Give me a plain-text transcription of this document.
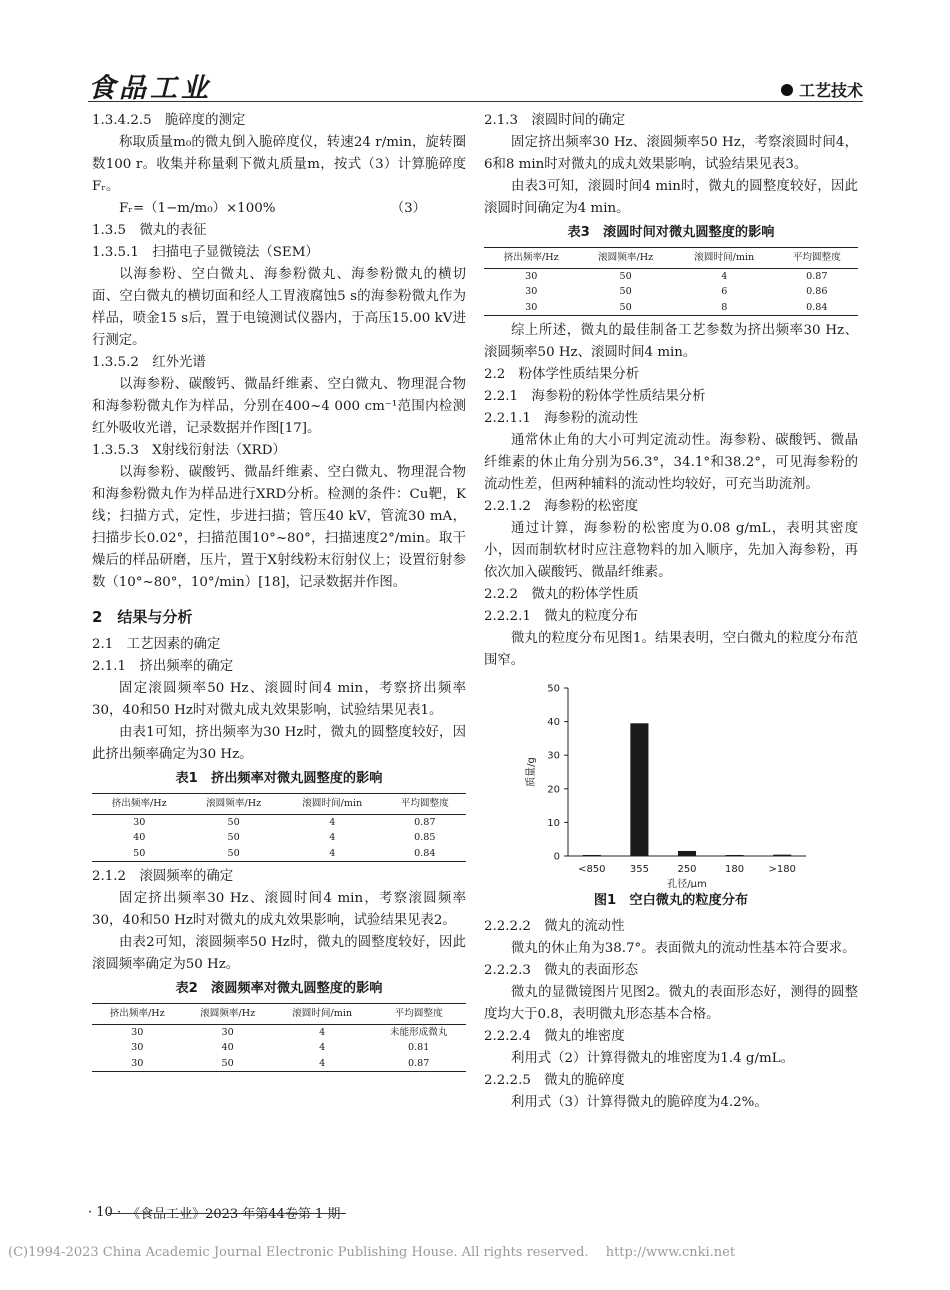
食品工业	工艺技术

1.3.4.2.5　脆碎度的测定

称取质量m₀的微丸倒入脆碎度仪，转速24 r/min，旋转圈数100 r。收集并称量剩下微丸质量m，按式（3）计算脆碎度Fᵣ。

Fᵣ=（1−m/m₀）×100%	（3）

1.3.5　微丸的表征

1.3.5.1　扫描电子显微镜法（SEM）

以海参粉、空白微丸、海参粉微丸、海参粉微丸的横切面、空白微丸的横切面和经人工胃液腐蚀5 s的海参粉微丸作为样品，喷金15 s后，置于电镜测试仪器内，于高压15.00 kV进行测定。

1.3.5.2　红外光谱

以海参粉、碳酸钙、微晶纤维素、空白微丸、物理混合物和海参粉微丸作为样品，分别在400~4 000 cm⁻¹范围内检测红外吸收光谱，记录数据并作图[17]。

1.3.5.3　X射线衍射法（XRD）

以海参粉、碳酸钙、微晶纤维素、空白微丸、物理混合物和海参粉微丸作为样品进行XRD分析。检测的条件：Cu靶，K线；扫描方式，定性，步进扫描；管压40 kV，管流30 mA，扫描步长0.02°，扫描范围10°~80°，扫描速度2°/min。取干燥后的样品研磨，压片，置于X射线粉末衍射仪上；设置衍射参数（10°~80°，10°/min）[18]，记录数据并作图。

2　结果与分析

2.1　工艺因素的确定

2.1.1　挤出频率的确定

固定滚圆频率50 Hz、滚圆时间4 min，考察挤出频率30，40和50 Hz时对微丸成丸效果影响，试验结果见表1。

由表1可知，挤出频率为30 Hz时，微丸的圆整度较好，因此挤出频率确定为30 Hz。

表1　挤出频率对微丸圆整度的影响

挤出频率/Hz	滚圆频率/Hz	滚圆时间/min	平均圆整度
30	50	4	0.87
40	50	4	0.85
50	50	4	0.84

2.1.2　滚圆频率的确定

固定挤出频率30 Hz、滚圆时间4 min，考察滚圆频率30，40和50 Hz时对微丸的成丸效果影响，试验结果见表2。

由表2可知，滚圆频率50 Hz时，微丸的圆整度较好，因此滚圆频率确定为50 Hz。

表2　滚圆频率对微丸圆整度的影响

挤出频率/Hz	滚圆频率/Hz	滚圆时间/min	平均圆整度
30	30	4	未能形成微丸
30	40	4	0.81
30	50	4	0.87

2.1.3　滚圆时间的确定

固定挤出频率30 Hz、滚圆频率50 Hz，考察滚圆时间4，6和8 min时对微丸的成丸效果影响，试验结果见表3。

由表3可知，滚圆时间4 min时，微丸的圆整度较好，因此滚圆时间确定为4 min。

表3　滚圆时间对微丸圆整度的影响

挤出频率/Hz	滚圆频率/Hz	滚圆时间/min	平均圆整度
30	50	4	0.87
30	50	6	0.86
30	50	8	0.84

综上所述，微丸的最佳制备工艺参数为挤出频率30 Hz、滚圆频率50 Hz、滚圆时间4 min。

2.2　粉体学性质结果分析

2.2.1　海参粉的粉体学性质结果分析

2.2.1.1　海参粉的流动性

通常休止角的大小可判定流动性。海参粉、碳酸钙、微晶纤维素的休止角分别为56.3°，34.1°和38.2°，可见海参粉的流动性差，但两种辅料的流动性均较好，可充当助流剂。

2.2.1.2　海参粉的松密度

通过计算，海参粉的松密度为0.08 g/mL，表明其密度小，因而制软材时应注意物料的加入顺序，先加入海参粉，再依次加入碳酸钙、微晶纤维素。

2.2.2　微丸的粉体学性质

2.2.2.1　微丸的粒度分布

微丸的粒度分布见图1。结果表明，空白微丸的粒度分布范围窄。

0
10
20
30
40
50
质量/g
<850 355	250	180 >180
孔径/μm

图1　空白微丸的粒度分布

2.2.2.2　微丸的流动性

微丸的休止角为38.7°。表面微丸的流动性基本符合要求。

2.2.2.3　微丸的表面形态

微丸的显微镜图片见图2。微丸的表面形态好，测得的圆整度均大于0.8，表明微丸形态基本合格。

2.2.2.4　微丸的堆密度

利用式（2）计算得微丸的堆密度为1.4 g/mL。

2.2.2.5　微丸的脆碎度

利用式（3）计算得微丸的脆碎度为4.2%。

· 10 · 《食品工业》2023 年第44卷第 1 期
(C)1994-2023 China Academic Journal Electronic Publishing House. All rights reserved.　 http://www.cnki.net
